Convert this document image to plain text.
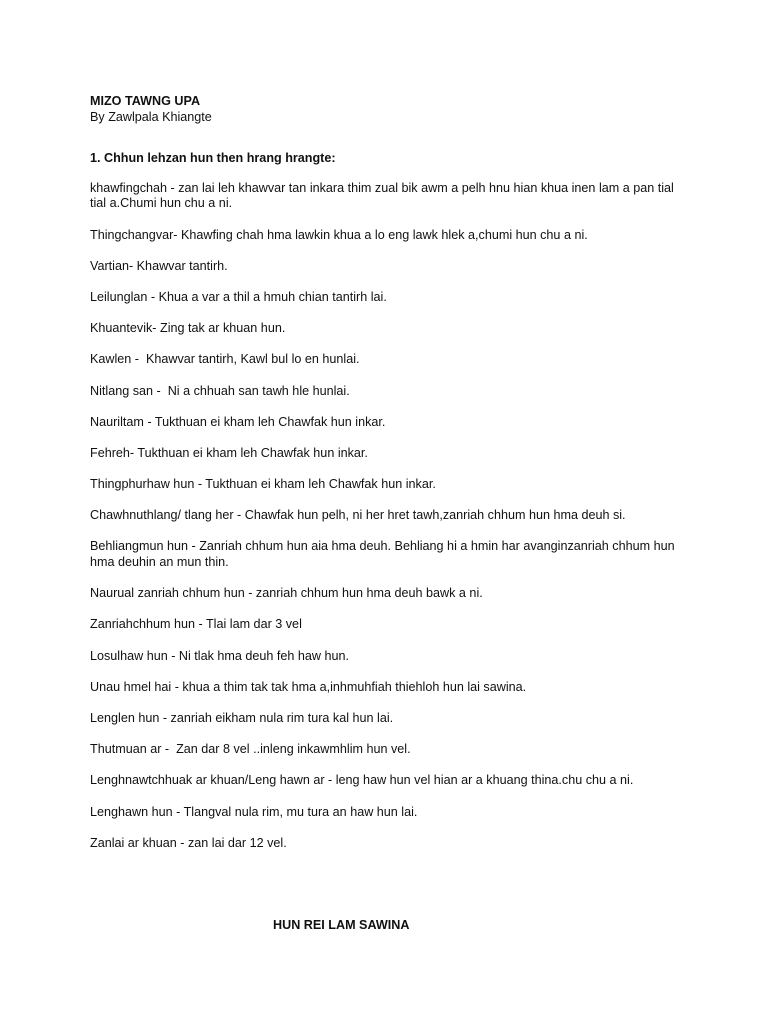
MIZO TAWNG UPA

By Zawlpala Khiangte

1. Chhun lehzan hun then hrang hrangte:

khawfingchah - zan lai leh khawvar tan inkara thim zual bik awm a pelh hnu hian khua inen lam a pan tial tial a.Chumi hun chu a ni.

Thingchangvar- Khawfing chah hma lawkin khua a lo eng lawk hlek a,chumi hun chu a ni.

Vartian- Khawvar tantirh.

Leilunglan - Khua a var a thil a hmuh chian tantirh lai.

Khuantevik- Zing tak ar khuan hun.

Kawlen -  Khawvar tantirh, Kawl bul lo en hunlai.

Nitlang san -  Ni a chhuah san tawh hle hunlai.

Nauriltam - Tukthuan ei kham leh Chawfak hun inkar.

Fehreh- Tukthuan ei kham leh Chawfak hun inkar.

Thingphurhaw hun - Tukthuan ei kham leh Chawfak hun inkar.

Chawhnuthlang/ tlang her - Chawfak hun pelh, ni her hret tawh,zanriah chhum hun hma deuh si.

Behliangmun hun - Zanriah chhum hun aia hma deuh. Behliang hi a hmin har avanginzanriah chhum hun hma deuhin an mun thin.

Naurual zanriah chhum hun - zanriah chhum hun hma deuh bawk a ni.

Zanriahchhum hun - Tlai lam dar 3 vel

Losulhaw hun - Ni tlak hma deuh feh haw hun.

Unau hmel hai - khua a thim tak tak hma a,inhmuhfiah thiehloh hun lai sawina.

Lenglen hun - zanriah eikham nula rim tura kal hun lai.

Thutmuan ar -  Zan dar 8 vel ..inleng inkawmhlim hun vel.

Lenghnawtchhuak ar khuan/Leng hawn ar - leng haw hun vel hian ar a khuang thina.chu chu a ni.

Lenghawn hun - Tlangval nula rim, mu tura an haw hun lai.

Zanlai ar khuan - zan lai dar 12 vel.

HUN REI LAM SAWINA
